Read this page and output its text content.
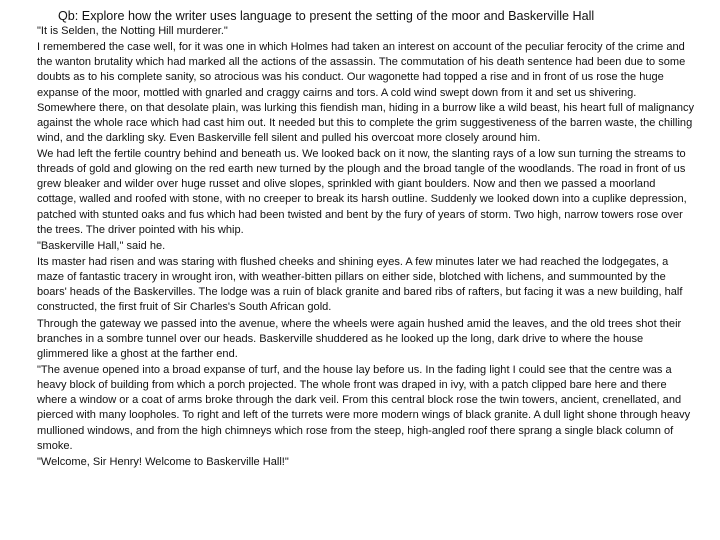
Qb: Explore how the writer uses language to present the setting of the moor and Baskerville Hall

"It is Selden, the Notting Hill murderer."

I remembered the case well, for it was one in which Holmes had taken an interest on account of the peculiar ferocity of the crime and the wanton brutality which had marked all the actions of the assassin. The commutation of his death sentence had been due to some doubts as to his complete sanity, so atrocious was his conduct. Our wagonette had topped a rise and in front of us rose the huge expanse of the moor, mottled with gnarled and craggy cairns and tors. A cold wind swept down from it and set us shivering. Somewhere there, on that desolate plain, was lurking this fiendish man, hiding in a burrow like a wild beast, his heart full of malignancy against the whole race which had cast him out. It needed but this to complete the grim suggestiveness of the barren waste, the chilling wind, and the darkling sky. Even Baskerville fell silent and pulled his overcoat more closely around him.

We had left the fertile country behind and beneath us. We looked back on it now, the slanting rays of a low sun turning the streams to threads of gold and glowing on the red earth new turned by the plough and the broad tangle of the woodlands. The road in front of us grew bleaker and wilder over huge russet and olive slopes, sprinkled with giant boulders. Now and then we passed a moorland cottage, walled and roofed with stone, with no creeper to break its harsh outline. Suddenly we looked down into a cuplike depression, patched with stunted oaks and fus which had been twisted and bent by the fury of years of storm. Two high, narrow towers rose over the trees. The driver pointed with his whip.

"Baskerville Hall," said he.

Its master had risen and was staring with flushed cheeks and shining eyes. A few minutes later we had reached the lodgegates, a maze of fantastic tracery in wrought iron, with weather-bitten pillars on either side, blotched with lichens, and summounted by the boars' heads of the Baskervilles. The lodge was a ruin of black granite and bared ribs of rafters, but facing it was a new building, half constructed, the first fruit of Sir Charles's South African gold.

Through the gateway we passed into the avenue, where the wheels were again hushed amid the leaves, and the old trees shot their branches in a sombre tunnel over our heads. Baskerville shuddered as he looked up the long, dark drive to where the house glimmered like a ghost at the farther end.

"The avenue opened into a broad expanse of turf, and the house lay before us. In the fading light I could see that the centre was a heavy block of building from which a porch projected. The whole front was draped in ivy, with a patch clipped bare here and there where a window or a coat of arms broke through the dark veil. From this central block rose the twin towers, ancient, crenellated, and pierced with many loopholes. To right and left of the turrets were more modern wings of black granite. A dull light shone through heavy mullioned windows, and from the high chimneys which rose from the steep, high-angled roof there sprang a single black column of smoke.

"Welcome, Sir Henry! Welcome to Baskerville Hall!"
